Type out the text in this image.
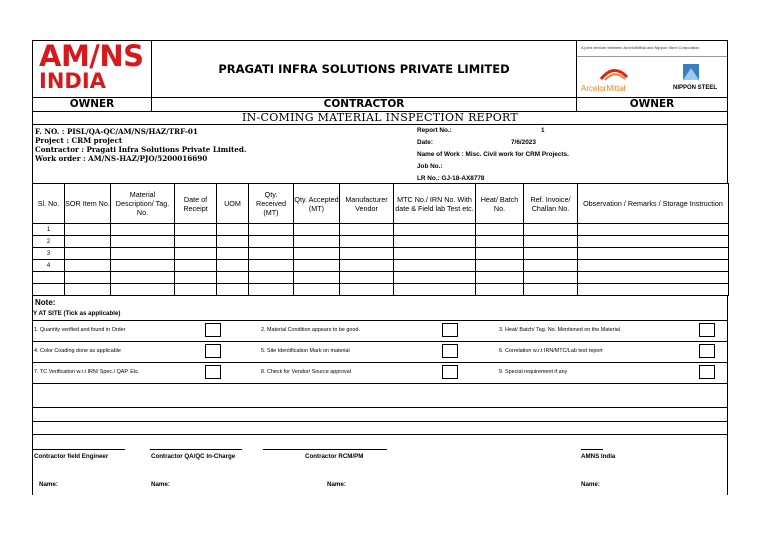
AM/NS
INDIA	PRAGATI INFRA SOLUTIONS PRIVATE LIMITED
A joint venture between ArcelorMittal and Nippon Steel Corporation
ArcelorMittal	NIPPON STEEL
OWNER	CONTRACTOR	OWNER
IN-COMING MATERIAL INSPECTION REPORT
F. NO. : PISL/QA-QC/AM/NS/HAZ/TRF-01
Project : CRM project
Contractor : Pragati Infra Solutions Private Limited.
Work order : AM/NS-HAZ/PJO/5200016690
Report No.:	1
Date:	7/6/2023
Name of Work : Misc. Civil work for CRM Projects.
Job No.:
LR No.: GJ-18-AX8778
Sl. No.	SOR Item No.	Material Description/ Tag. No.	Date of Receipt	UOM	Qty. Received (MT)	Qty. Accepted (MT)	Manufacturer Vendor	MTC No./ IRN No. With date & Field lab Test etc.	Heat/ Batch No.	Ref. Invoice/ Challan No.	Observation / Remarks / Storage Instruction
1											
2											
3											
4											

Note:
Y AT SITE (Tick as applicable)
1. Quantity verified and found in Order	2. Material Condition appears to be good.	3. Heat/ Batch/ Tag. No. Mentioned on the Material
4. Color Coading done as applicable	5. Site Identification Mark on material	6. Correlation w.r.t IRN/MTC/Lab test report
7. TC Verification w.r.t IRN/ Spec./ QAP. Etc.	8. Check for Vendor/ Source approval	9. Special requirement if any
Contractor field Engineer
Name:
Contractor QA/QC In-Charge
Name:
Contractor RCM/PM
Name:
AMNS India
Name:
